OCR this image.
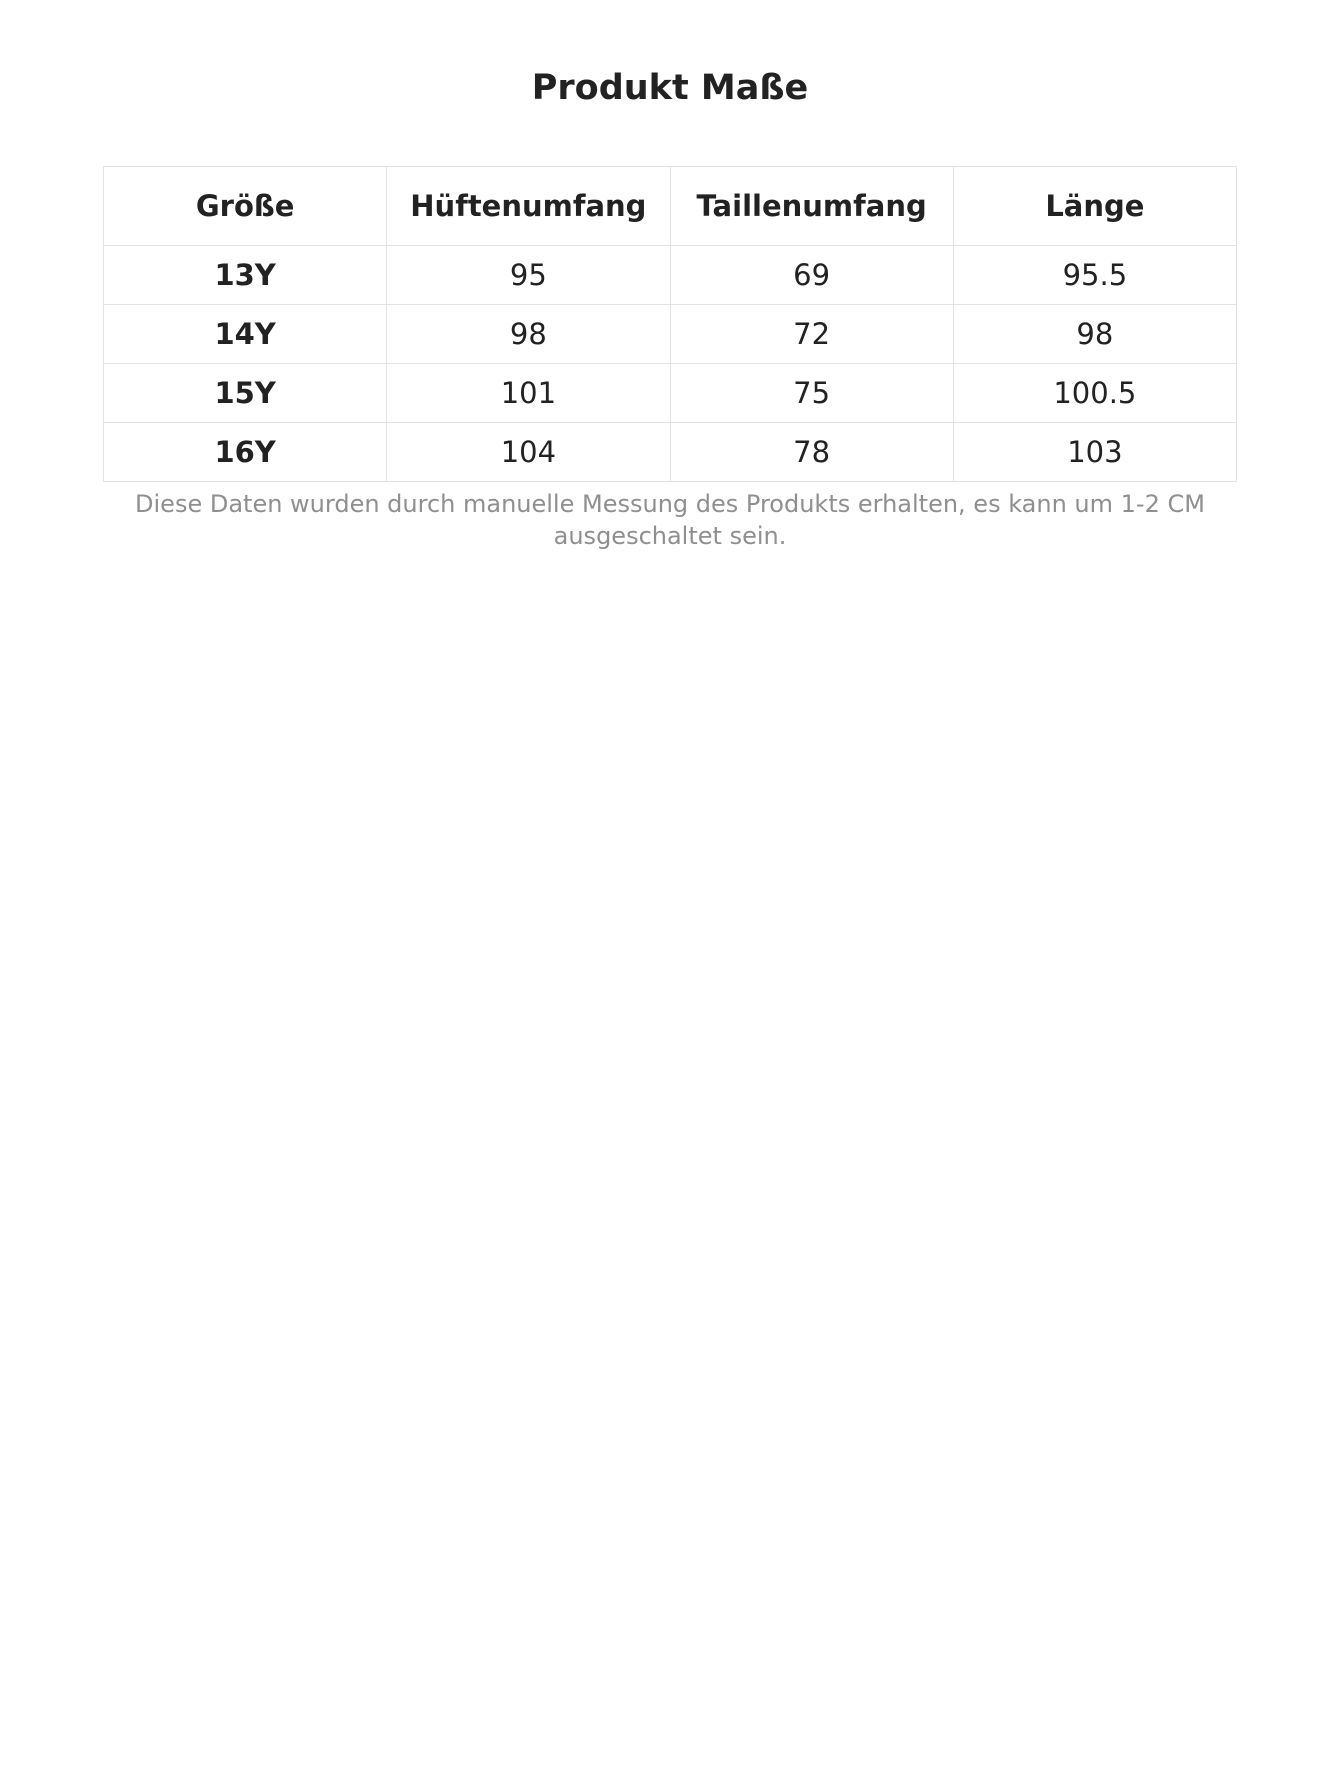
Produkt Maße
Größe	Hüftenumfang	Taillenumfang	Länge
13Y	95	69	95.5
14Y	98	72	98
15Y	101	75	100.5
16Y	104	78	103
Diese Daten wurden durch manuelle Messung des Produkts erhalten, es kann um 1-2 CM ausgeschaltet sein.
